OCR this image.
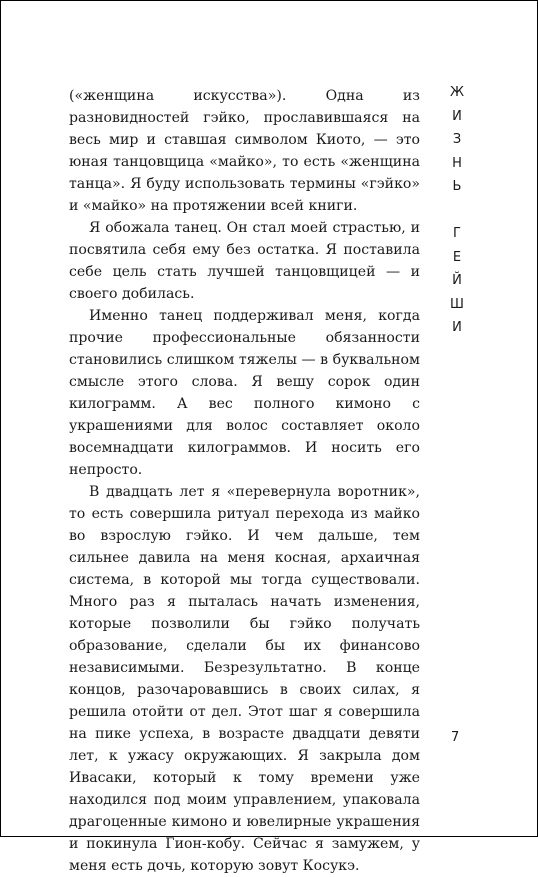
(«женщина искусства»). Одна из разновидностей гэйко, прославившаяся на весь мир и ставшая символом Киото, — это юная танцовщица «майко», то есть «женщина танца». Я буду использовать термины «гэйко» и «майко» на протяжении всей книги.

Я обожала танец. Он стал моей страстью, и посвятила себя ему без остатка. Я поставила себе цель стать лучшей танцовщицей — и своего добилась.

Именно танец поддерживал меня, когда прочие профессиональные обязанности становились слишком тяжелы — в буквальном смысле этого слова. Я вешу сорок один килограмм. А вес полного кимоно с украшениями для волос составляет около восемнадцати килограммов. И носить его непросто.

В двадцать лет я «перевернула воротник», то есть совершила ритуал перехода из майко во взрослую гэйко. И чем дальше, тем сильнее давила на меня косная, архаичная система, в которой мы тогда существовали. Много раз я пыталась начать изменения, которые позволили бы гэйко получать образование, сделали бы их финансово независимыми. Безрезультатно. В конце концов, разочаровавшись в своих силах, я решила отойти от дел. Этот шаг я совершила на пике успеха, в возрасте двадцати девяти лет, к ужасу окружающих. Я закрыла дом Ивасаки, который к тому времени уже находился под моим управлением, упаковала драгоценные кимоно и ювелирные украшения и покинула Гион-кобу. Сейчас я замужем, у меня есть дочь, которую зовут Косукэ.

Ж
И
З
Н
Ь
Г
Е
Й
Ш
И
7
